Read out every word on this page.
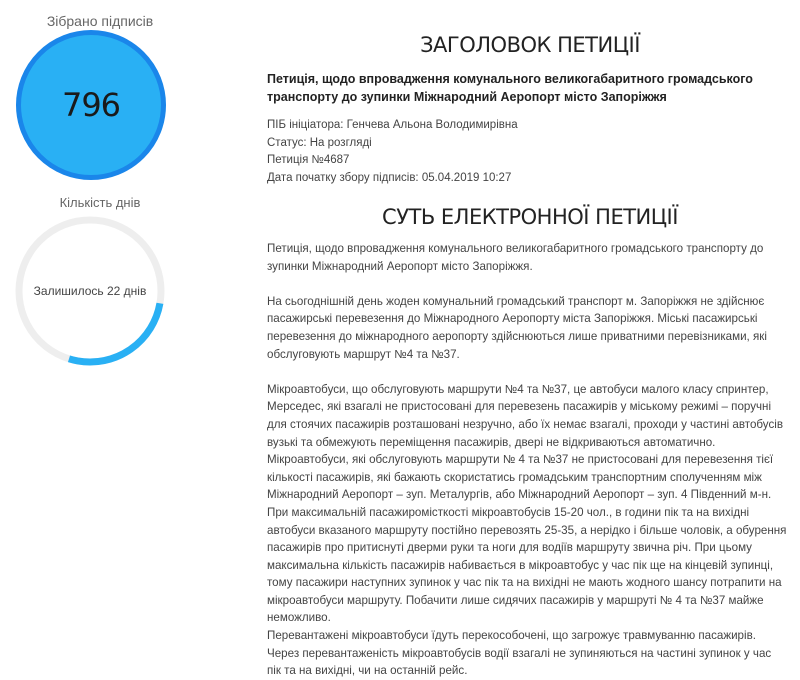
Зібрано підписів
796
Кількість днів
Залишилось 22 днів
ЗАГОЛОВОК ПЕТИЦІЇ
Петиція, щодо впровадження комунального великогабаритного громадського транспорту до зупинки Міжнародний Аеропорт місто Запоріжжя
ПІБ ініціатора: Генчева Альона Володимирівна
Статус: На розгляді
Петиція №4687
Дата початку збору підписів: 05.04.2019 10:27
СУТЬ ЕЛЕКТРОННОЇ ПЕТИЦІЇ

Петиція, щодо впровадження комунального великогабаритного громадського транспорту до зупинки Міжнародний Аеропорт місто Запоріжжя.

На сьогоднішній день жоден комунальний громадський транспорт м. Запоріжжя не здійснює пасажирські перевезення до Міжнародного Аеропорту міста Запоріжжя. Міські пасажирські перевезення до міжнародного аеропорту здійснюються лише приватними перевізниками, які обслуговують маршрут №4 та №37.

Мікроавтобуси, що обслуговують маршрути №4 та №37, це автобуси малого класу спринтер, Мерседес, які взагалі не пристосовані для перевезень пасажирів у міському режимі – поручні для стоячих пасажирів розташовані незручно, або їх немає взагалі, проходи у частині автобусів вузькі та обмежують переміщення пасажирів, двері не відкриваються автоматично.

Мікроавтобуси, які обслуговують маршрути № 4 та №37 не пристосовані для перевезення тієї кількості пасажирів, які бажають скористатись громадським транспортним сполученням між Міжнародний Аеропорт – зуп. Металургів, або Міжнародний Аеропорт – зуп. 4 Південний м-н. При максимальній пасажиромісткості мікроавтобусів 15-20 чол., в години пік та на вихідні автобуси вказаного маршруту постійно перевозять 25-35, а нерідко і більше чоловік, а обурення пасажирів про притиснуті дверми руки та ноги для водіїв маршруту звична річ. При цьому максимальна кількість пасажирів набивається в мікроавтобус у час пік ще на кінцевій зупинці, тому пасажири наступних зупинок у час пік та на вихідні не мають жодного шансу потрапити на мікроавтобуси маршруту. Побачити лише сидячих пасажирів у маршруті № 4 та №37 майже неможливо.

Перевантажені мікроавтобуси їдуть перекособочені, що загрожує травмуванню пасажирів.

Через перевантаженість мікроавтобусів водії взагалі не зупиняються на частині зупинок у час пік та на вихідні, чи на останній рейс.
